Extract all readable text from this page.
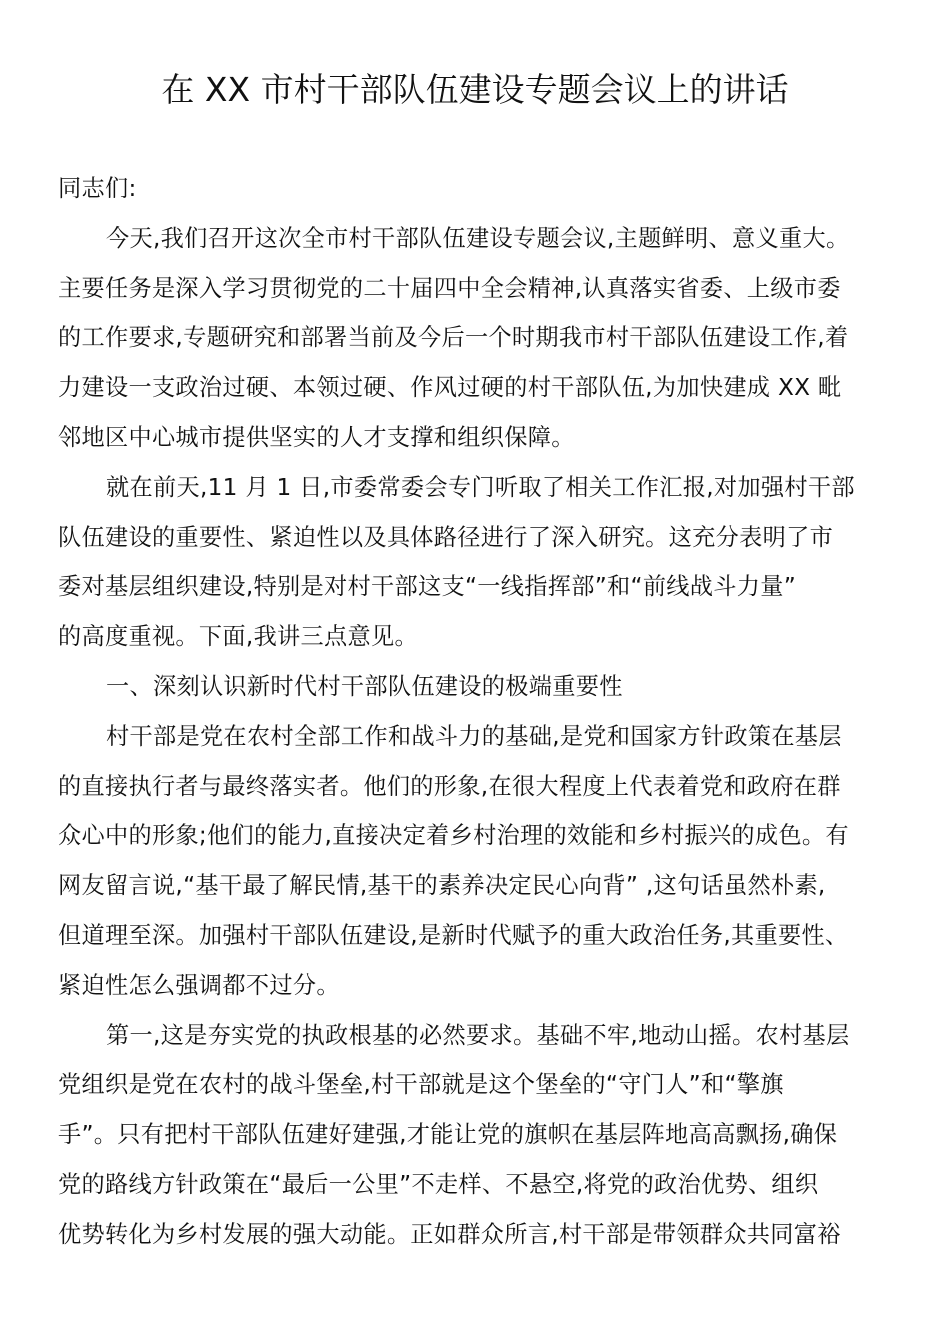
在 XX 市村干部队伍建设专题会议上的讲话
同志们:
今天,我们召开这次全市村干部队伍建设专题会议,主题鲜明、意义重大。
主要任务是深入学习贯彻党的二十届四中全会精神,认真落实省委、上级市委
的工作要求,专题研究和部署当前及今后一个时期我市村干部队伍建设工作,着
力建设一支政治过硬、本领过硬、作风过硬的村干部队伍,为加快建成 XX 毗
邻地区中心城市提供坚实的人才支撑和组织保障。
就在前天,11 月 1 日,市委常委会专门听取了相关工作汇报,对加强村干部
队伍建设的重要性、紧迫性以及具体路径进行了深入研究。这充分表明了市
委对基层组织建设,特别是对村干部这支“一线指挥部”和“前线战斗力量”
的高度重视。下面,我讲三点意见。
一、深刻认识新时代村干部队伍建设的极端重要性
村干部是党在农村全部工作和战斗力的基础,是党和国家方针政策在基层
的直接执行者与最终落实者。他们的形象,在很大程度上代表着党和政府在群
众心中的形象;他们的能力,直接决定着乡村治理的效能和乡村振兴的成色。有
网友留言说,“基干最了解民情,基干的素养决定民心向背” ,这句话虽然朴素,
但道理至深。加强村干部队伍建设,是新时代赋予的重大政治任务,其重要性、
紧迫性怎么强调都不过分。
第一,这是夯实党的执政根基的必然要求。基础不牢,地动山摇。农村基层
党组织是党在农村的战斗堡垒,村干部就是这个堡垒的“守门人”和“擎旗
手”。只有把村干部队伍建好建强,才能让党的旗帜在基层阵地高高飘扬,确保
党的路线方针政策在“最后一公里”不走样、不悬空,将党的政治优势、组织
优势转化为乡村发展的强大动能。正如群众所言,村干部是带领群众共同富裕
